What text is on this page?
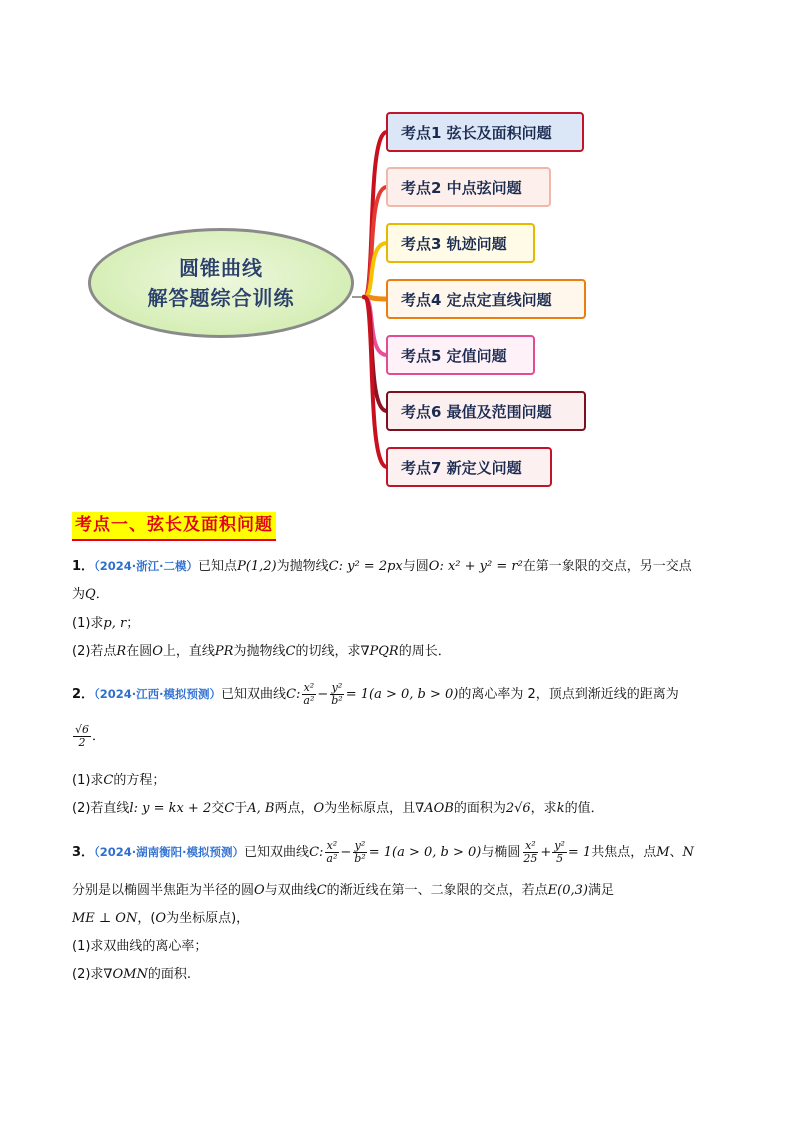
圆锥曲线
解答题综合训练
考点1 弦长及面积问题
考点2 中点弦问题
考点3 轨迹问题
考点4 定点定直线问题
考点5 定值问题
考点6 最值及范围问题
考点7 新定义问题
考点一、弦长及面积问题
1．（2024·浙江·二模）已知点P(1,2)为抛物线C: y² = 2px与圆O: x² + y² = r²在第一象限的交点，另一交点
为Q．
(1)求p, r；
(2)若点R在圆O上，直线PR为抛物线C的切线，求∇PQR的周长．
2．（2024·江西·模拟预测）已知双曲线C: $\frac{\text{x²}}{\text{a²}} - \frac{\text{y²}}{\text{b²}} = 1(a > 0$, b > 0)的离心率为 2，顶点到渐近线的距离为
$\frac{√6}{2}$ ．
(1)求C的方程；
(2)若直线l: y = kx + 2交C于A, B两点，O为坐标原点，且∇AOB的面积为2√6，求k的值．
3．（2024·湖南衡阳·模拟预测）已知双曲线C: $\frac{\text{x²}}{\text{a²}} - \frac{\text{y²}}{\text{b²}} = 1(a > 0$, b > 0)与椭圆 $\frac{\text{x²}}{25} + \frac{\text{y²}}{5} = 1$共焦点，点M、N
分别是以椭圆半焦距为半径的圆O与双曲线C的渐近线在第一、二象限的交点，若点E(0,3)满足
ME ⊥ ON，(O为坐标原点)，
(1)求双曲线的离心率；
(2)求∇OMN的面积.
